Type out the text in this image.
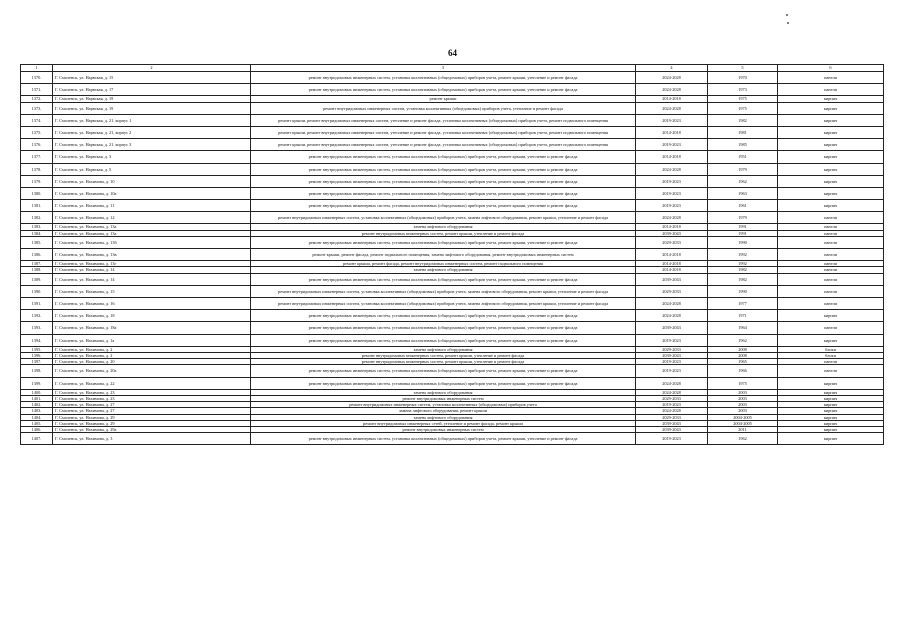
64
1	2	3	4	5	6
1370.	Г. Смоленск, ул. Нарвская, д. 15	ремонт внутридомовых инженерных систем, установка коллективных (общедомовых) приборов учета, ремонт крыши, утепление и ремонт фасада	2024-2028	1970	панели
1371.	Г. Смоленск, ул. Нарвская, д. 17	ремонт внутридомовых инженерных систем, установка коллективных (общедомовых) приборов учета, ремонт крыши, утепление и ремонт фасада	2024-2028	1973	панели
1372.	Г. Смоленск, ул. Нарвская, д. 19	ремонт крыши	2014-2018	1975	кирпич
1373.	Г. Смоленск, ул. Нарвская, д. 19	ремонт внутридомовых инженерных систем, установка коллективных (общедомовых) приборов учета, утепление и ремонт фасада	2024-2028	1975	кирпич
1374.	Г. Смоленск, ул. Нарвская, д. 21, корпус 1	ремонт крыши, ремонт внутридомовых инженерных систем, утепление и ремонт фасада, установка коллективных (общедомовых) приборов учета, ремонт подвального помещения	2019-2023	1982	кирпич
1375.	Г. Смоленск, ул. Нарвская, д. 21, корпус 2	ремонт крыши, ремонт внутридомовых инженерных систем, утепление и ремонт фасада, установка коллективных (общедомовых) приборов учета, ремонт подвального помещения	2014-2018	1981	кирпич
1376.	Г. Смоленск, ул. Нарвская, д. 21, корпус 3	ремонт крыши, ремонт внутридомовых инженерных систем, утепление и ремонт фасада, установка коллективных (общедомовых) приборов учета, ремонт подвального помещения	2019-2023	1985	кирпич
1377.	Г. Смоленск, ул. Нарвская, д. 3	ремонт внутридомовых инженерных систем, установка коллективных (общедомовых) приборов учета, ремонт крыши, утепление и ремонт фасада	2014-2018	1951	кирпич
1378.	Г. Смоленск, ул. Нарвская, д. 5	ремонт внутридомовых инженерных систем, установка коллективных (общедомовых) приборов учета, ремонт крыши, утепление и ремонт фасада	2024-2028	1979	кирпич
1379.	Г. Смоленск, ул. Нахимова, д. 10	ремонт внутридомовых инженерных систем, установка коллективных (общедомовых) приборов учета, ремонт крыши, утепление и ремонт фасада	2019-2023	1962	кирпич
1380.	Г. Смоленск, ул. Нахимова, д. 10а	ремонт внутридомовых инженерных систем, установка коллективных (общедомовых) приборов учета, ремонт крыши, утепление и ремонт фасада	2019-2023	1963	кирпич
1381.	Г. Смоленск, ул. Нахимова, д. 11	ремонт внутридомовых инженерных систем, установка коллективных (общедомовых) приборов учета, ремонт крыши, утепление и ремонт фасада	2019-2023	1961	кирпич
1382.	Г. Смоленск, ул. Нахимова, д. 12	ремонт внутридомовых инженерных систем, установка коллективных (общедомовых) приборов учета, замена лифтового оборудования, ремонт крыши, утепление и ремонт фасада	2024-2028	1979	панели
1383.	Г. Смоленск, ул. Нахимова, д. 13а	замена лифтового оборудования	2014-2018	1991	панели
1384.	Г. Смоленск, ул. Нахимова, д. 13а	ремонт внутридомовых инженерных систем, ремонт крыши, утепление и ремонт фасада	2039-2043	1991	панели
1385.	Г. Смоленск, ул. Нахимова, д. 13б	ремонт внутридомовых инженерных систем, установка коллективных (общедомовых) приборов учета, ремонт крыши, утепление и ремонт фасада	2029-2033	1990	панели
1386.	Г. Смоленск, ул. Нахимова, д. 13в	ремонт крыши, ремонт фасада, ремонт подвального помещения, замена лифтового оборудования, ремонт внутридомовых инженерных систем	2014-2018	1992	панели
1387.	Г. Смоленск, ул. Нахимова, д. 13г	ремонт крыши, ремонт фасада, ремонт внутридомовых инженерных систем, ремонт подвального помещения	2014-2018	1992	панели
1388.	Г. Смоленск, ул. Нахимова, д. 14	замена лифтового оборудования	2014-2018	1982	панели
1389.	Г. Смоленск, ул. Нахимова, д. 14	ремонт внутридомовых инженерных систем, установка коллективных (общедомовых) приборов учета, ремонт крыши, утепление и ремонт фасада	2039-2043	1982	панели
1390.	Г. Смоленск, ул. Нахимова, д. 15	ремонт внутридомовых инженерных систем, установка коллективных (общедомовых) приборов учета, замена лифтового оборудования, ремонт крыши, утепление и ремонт фасада	2029-2033	1990	панели
1391.	Г. Смоленск, ул. Нахимова, д. 16	ремонт внутридомовых инженерных систем, установка коллективных (общедомовых) приборов учета, замена лифтового оборудования, ремонт крыши, утепление и ремонт фасада	2024-2028	1977	панели
1392.	Г. Смоленск, ул. Нахимова, д. 18	ремонт внутридомовых инженерных систем, установка коллективных (общедомовых) приборов учета, ремонт крыши, утепление и ремонт фасада	2024-2028	1971	кирпич
1393.	Г. Смоленск, ул. Нахимова, д. 18а	ремонт внутридомовых инженерных систем, установка коллективных (общедомовых) приборов учета, ремонт крыши, утепление и ремонт фасада	2039-2043	1964	панели
1394.	Г. Смоленск, ул. Нахимова, д. 1а	ремонт внутридомовых инженерных систем, установка коллективных (общедомовых) приборов учета, ремонт крыши, утепление и ремонт фасада	2019-2023	1962	кирпич
1395.	Г. Смоленск, ул. Нахимова, д. 2	замена лифтового оборудования	2029-2033	2008	блоки
1396.	Г. Смоленск, ул. Нахимова, д. 2	ремонт внутридомовых инженерных систем, ремонт крыши, утепление и ремонт фасада	2039-2043	2008	блоки
1397.	Г. Смоленск, ул. Нахимова, д. 20	ремонт внутридомовых инженерных систем, ремонт крыши, утепление и ремонт фасада	2019-2023	1965	панели
1398.	Г. Смоленск, ул. Нахимова, д. 20а	ремонт внутридомовых инженерных систем, установка коллективных (общедомовых) приборов учета, ремонт крыши, утепление и ремонт фасада	2019-2023	1966	панели
1399.	Г. Смоленск, ул. Нахимова, д. 22	ремонт внутридомовых инженерных систем, установка коллективных (общедомовых) приборов учета, ремонт крыши, утепление и ремонт фасада	2024-2028	1975	кирпич
1400.	Г. Смоленск, ул. Нахимова, д. 23	замена лифтового оборудования	2024-2028	2003	кирпич
1401.	Г. Смоленск, ул. Нахимова, д. 23	ремонт внутридомовых инженерных систем	2029-2033	2003	кирпич
1402.	Г. Смоленск, ул. Нахимова, д. 27	ремонт внутридомовых инженерных систем, установка коллективных (общедомовых) приборов учета	2019-2023	2003	кирпич
1403.	Г. Смоленск, ул. Нахимова, д. 27	замена лифтового оборудования, ремонт крыши	2024-2028	2003	кирпич
1404.	Г. Смоленск, ул. Нахимова, д. 29	замена лифтового оборудования	2029-2033	2004-2005	кирпич
1405.	Г. Смоленск, ул. Нахимова, д. 29	ремонт внутридомовых инженерных сетей, утепление и ремонт фасада, ремонт крыши	2039-2043	2004-2005	кирпич
1406.	Г. Смоленск, ул. Нахимова, д. 29а	ремонт внутридомовых инженерных систем	2039-2043	2011	кирпич
1407.	Г. Смоленск, ул. Нахимова, д. 3	ремонт внутридомовых инженерных систем, установка коллективных (общедомовых) приборов учета, ремонт крыши, утепление и ремонт фасада	2019-2023	1962	кирпич
